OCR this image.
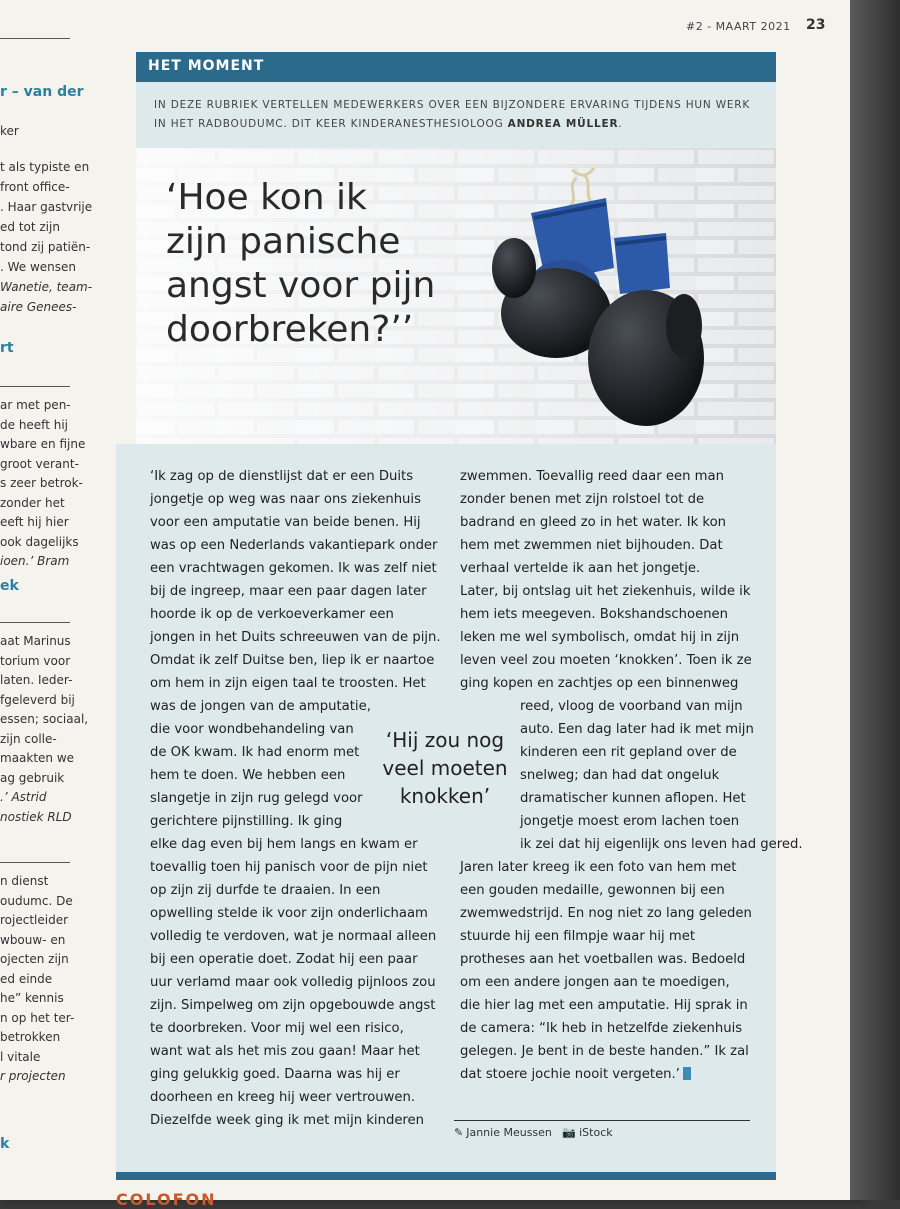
r – van der
ker
t als typiste en
front office-
. Haar gastvrije
ed tot zijn
tond zij patiën-
. We wensen
Wanetie, team-
aire Genees-
rt
ar met pen-
de heeft hij
wbare en fijne
groot verant-
s zeer betrok-
zonder het
eeft hij hier
ook dagelijks
ioen.’ Bram
ek
aat Marinus
torium voor
laten. Ieder-
fgeleverd bij
essen; sociaal,
zijn colle-
maakten we
ag gebruik
.’ Astrid
nostiek RLD
n dienst
oudumc. De
rojectleider
wbouw- en
ojecten zijn
ed einde
he” kennis
n op het ter-
betrokken
l vitale
r projecten
k
#2 - MAART 2021 23
HET MOMENT
IN DEZE RUBRIEK VERTELLEN MEDEWERKERS OVER EEN BIJZONDERE ERVARING TIJDENS HUN WERK IN HET RADBOUDUMC. DIT KEER KINDERANESTHESIOLOOG ANDREA MÜLLER.
‘Hoe kon ik
zijn panische
angst voor pijn
doorbreken?’’
‘Ik zag op de dienstlijst dat er een Duits
jongetje op weg was naar ons ziekenhuis
voor een amputatie van beide benen. Hij
was op een Nederlands vakantiepark onder
een vrachtwagen gekomen. Ik was zelf niet
bij de ingreep, maar een paar dagen later
hoorde ik op de verkoeverkamer een
jongen in het Duits schreeuwen van de pijn.
Omdat ik zelf Duitse ben, liep ik er naartoe
om hem in zijn eigen taal te troosten. Het
was de jongen van de amputatie,
die voor wondbehandeling van
de OK kwam. Ik had enorm met
hem te doen. We hebben een
slangetje in zijn rug gelegd voor
gerichtere pijnstilling. Ik ging
elke dag even bij hem langs en kwam er
toevallig toen hij panisch voor de pijn niet
op zijn zij durfde te draaien. In een
opwelling stelde ik voor zijn onderlichaam
volledig te verdoven, wat je normaal alleen
bij een operatie doet. Zodat hij een paar
uur verlamd maar ook volledig pijnloos zou
zijn. Simpelweg om zijn opgebouwde angst
te doorbreken. Voor mij wel een risico,
want wat als het mis zou gaan! Maar het
ging gelukkig goed. Daarna was hij er
doorheen en kreeg hij weer vertrouwen.
Diezelfde week ging ik met mijn kinderen
zwemmen. Toevallig reed daar een man
zonder benen met zijn rolstoel tot de
badrand en gleed zo in het water. Ik kon
hem met zwemmen niet bijhouden. Dat
verhaal vertelde ik aan het jongetje.
Later, bij ontslag uit het ziekenhuis, wilde ik
hem iets meegeven. Bokshandschoenen
leken me wel symbolisch, omdat hij in zijn
leven veel zou moeten ‘knokken’. Toen ik ze
ging kopen en zachtjes op een binnenweg
reed, vloog de voorband van mijn
auto. Een dag later had ik met mijn
kinderen een rit gepland over de
snelweg; dan had dat ongeluk
dramatischer kunnen aflopen. Het
jongetje moest erom lachen toen
ik zei dat hij eigenlijk ons leven had gered.
Jaren later kreeg ik een foto van hem met
een gouden medaille, gewonnen bij een
zwemwedstrijd. En nog niet zo lang geleden
stuurde hij een filmpje waar hij met
protheses aan het voetballen was. Bedoeld
om een andere jongen aan te moedigen,
die hier lag met een amputatie. Hij sprak in
de camera: “Ik heb in hetzelfde ziekenhuis
gelegen. Je bent in de beste handen.” Ik zal
dat stoere jochie nooit vergeten.’
‘Hij zou nog
veel moeten
knokken’
✎ Jannie Meussen 📷 iStock
COLOFON
